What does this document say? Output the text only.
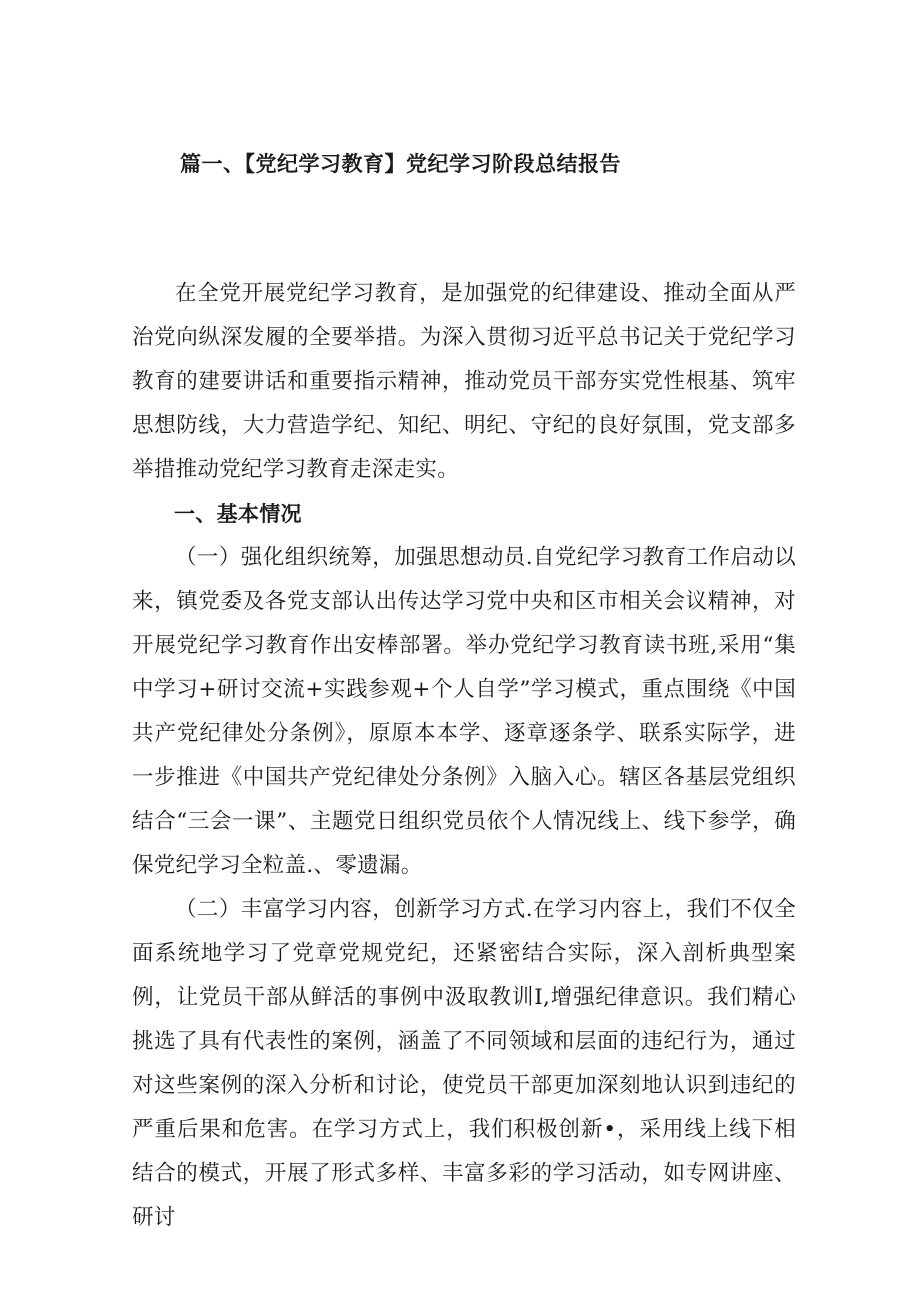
篇一、【党纪学习教育】党纪学习阶段总结报告

在全党开展党纪学习教育，是加强党的纪律建设、推动全面从严治党向纵深发履的全要举措。为深入贯彻习近平总书记关于党纪学习教育的建要讲话和重要指示精神，推动党员干部夯实党性根基、筑牢思想防线，大力营造学纪、知纪、明纪、守纪的良好氛围，党支部多举措推动党纪学习教育走深走实。

一、基本情况

（一）强化组织统筹，加强思想动员.自党纪学习教育工作启动以来，镇党委及各党支部认出传达学习党中央和区市相关会议精神，对开展党纪学习教育作出安棒部署。举办党纪学习教育读书班,采用“集中学习+研讨交流+实践参观+个人自学”学习模式，重点围绕《中国共产党纪律处分条例》，原原本本学、逐章逐条学、联系实际学，进一步推进《中国共产党纪律处分条例》入脑入心。辖区各基层党组织结合“三会一课”、主题党日组织党员依个人情况线上、线下参学，确保党纪学习全粒盖.、零遗漏。

（二）丰富学习内容，创新学习方式.在学习内容上，我们不仅全面系统地学习了党章党规党纪，还紧密结合实际，深入剖析典型案例，让党员干部从鲜活的事例中汲取教训I,增强纪律意识。我们精心挑选了具有代表性的案例，涵盖了不同领域和层面的违纪行为，通过对这些案例的深入分析和讨论，使党员干部更加深刻地认识到违纪的严重后果和危害。在学习方式上，我们积极创新•，采用线上线下相结合的模式，开展了形式多样、丰富多彩的学习活动，如专网讲座、研讨
